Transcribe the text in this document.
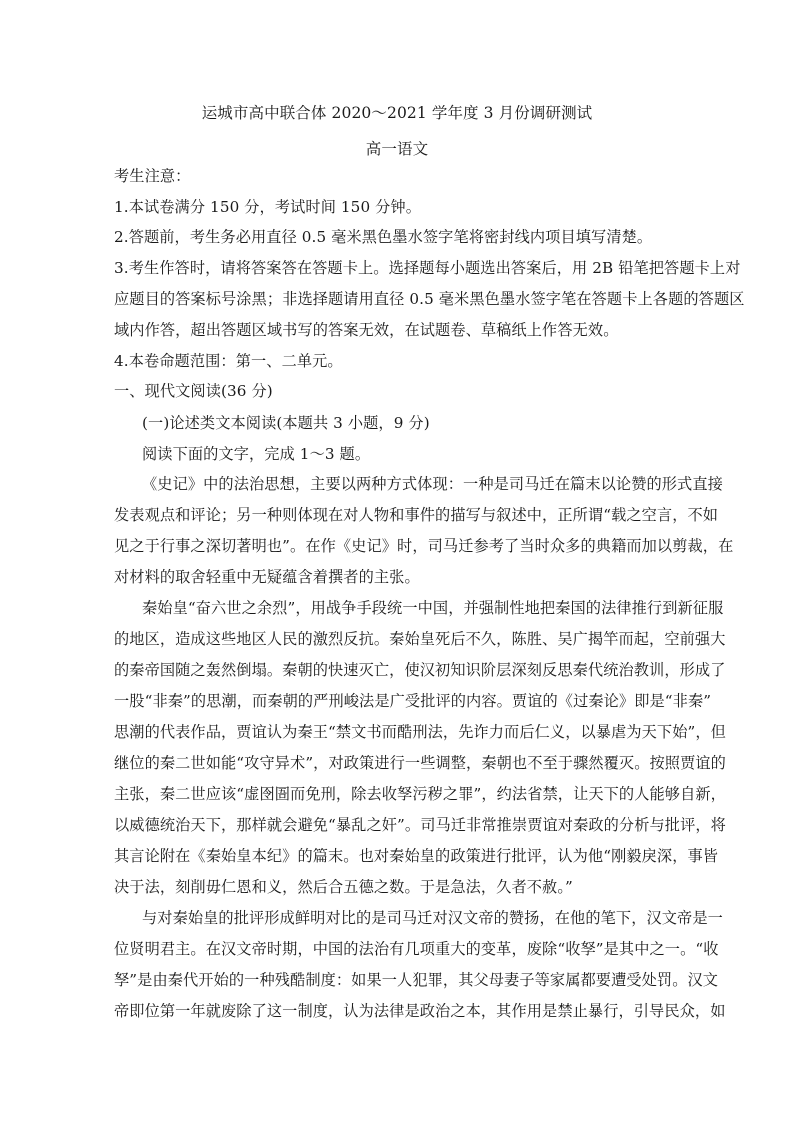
运城市高中联合体 2020～2021 学年度 3 月份调研测试
高一语文
考生注意：
1.本试卷满分 150 分，考试时间 150 分钟。
2.答题前，考生务必用直径 0.5 毫米黑色墨水签字笔将密封线内项目填写清楚。
3.考生作答时，请将答案答在答题卡上。选择题每小题选出答案后，用 2B 铅笔把答题卡上对
应题目的答案标号涂黑；非选择题请用直径 0.5 毫米黑色墨水签字笔在答题卡上各题的答题区
域内作答，超出答题区域书写的答案无效，在试题卷、草稿纸上作答无效。
4.本卷命题范围：第一、二单元。
一、现代文阅读(36 分)
(一)论述类文本阅读(本题共 3 小题，9 分)
阅读下面的文字，完成 1～3 题。
《史记》中的法治思想，主要以两种方式体现：一种是司马迁在篇末以论赞的形式直接
发表观点和评论；另一种则体现在对人物和事件的描写与叙述中，正所谓“载之空言，不如
见之于行事之深切著明也”。在作《史记》时，司马迁参考了当时众多的典籍而加以剪裁，在
对材料的取舍轻重中无疑蕴含着撰者的主张。
秦始皇“奋六世之余烈”，用战争手段统一中国，并强制性地把秦国的法律推行到新征服
的地区，造成这些地区人民的激烈反抗。秦始皇死后不久，陈胜、吴广揭竿而起，空前强大
的秦帝国随之轰然倒塌。秦朝的快速灭亡，使汉初知识阶层深刻反思秦代统治教训，形成了
一股“非秦”的思潮，而秦朝的严刑峻法是广受批评的内容。贾谊的《过秦论》即是“非秦”
思潮的代表作品，贾谊认为秦王“禁文书而酷刑法，先诈力而后仁义，以暴虐为天下始”，但
继位的秦二世如能“攻守异术”，对政策进行一些调整，秦朝也不至于骤然覆灭。按照贾谊的
主张，秦二世应该“虚囹圄而免刑，除去收孥污秽之罪”，约法省禁，让天下的人能够自新，
以威德统治天下，那样就会避免“暴乱之奸”。司马迁非常推崇贾谊对秦政的分析与批评，将
其言论附在《秦始皇本纪》的篇末。也对秦始皇的政策进行批评，认为他“刚毅戾深，事皆
决于法，刻削毋仁恩和义，然后合五德之数。于是急法，久者不赦。”
与对秦始皇的批评形成鲜明对比的是司马迁对汉文帝的赞扬，在他的笔下，汉文帝是一
位贤明君主。在汉文帝时期，中国的法治有几项重大的变革，废除“收孥”是其中之一。“收
孥”是由秦代开始的一种残酷制度：如果一人犯罪，其父母妻子等家属都要遭受处罚。汉文
帝即位第一年就废除了这一制度，认为法律是政治之本，其作用是禁止暴行，引导民众，如
